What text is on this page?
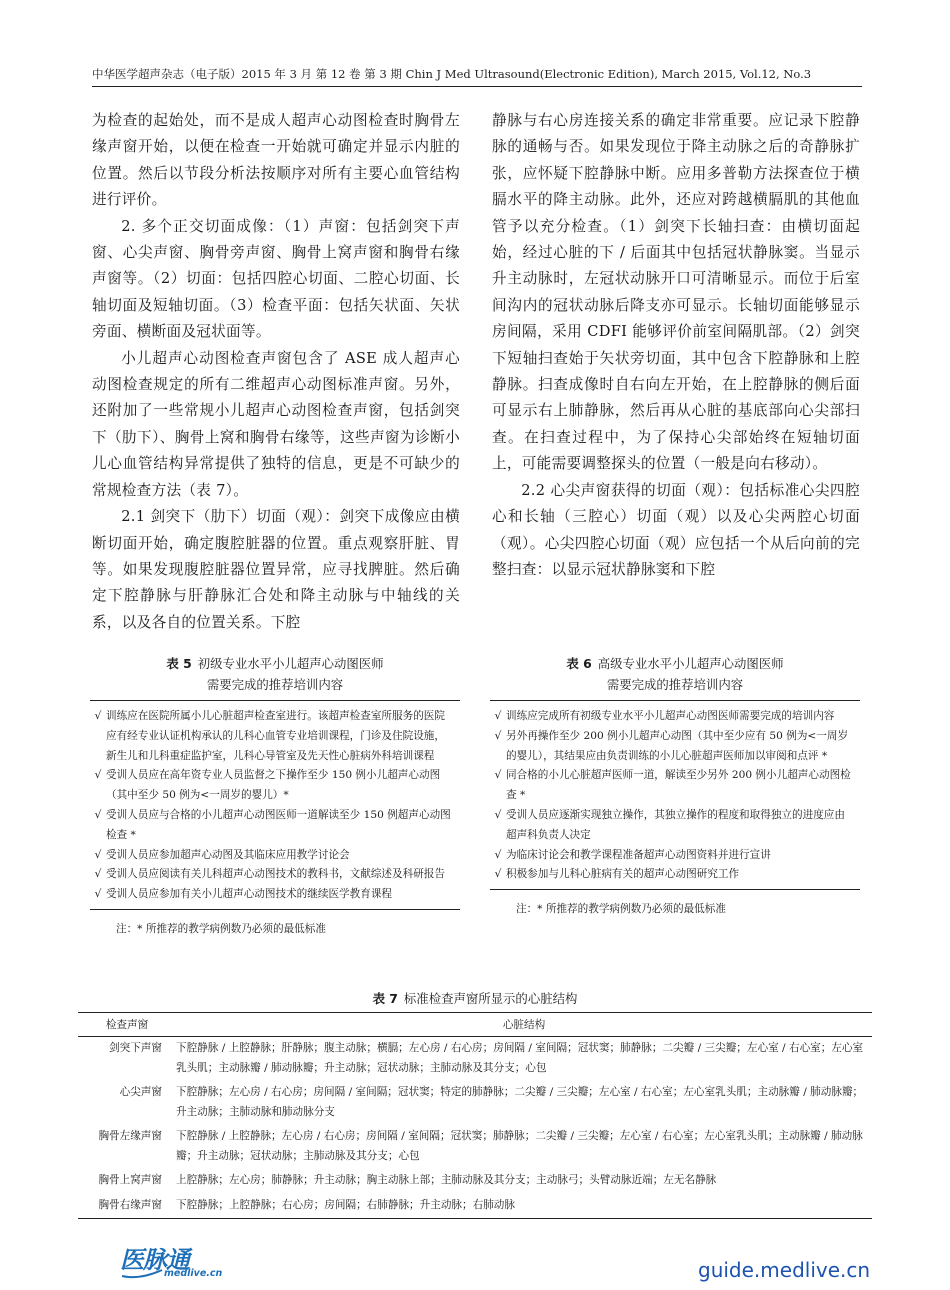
中华医学超声杂志（电子版）2015 年 3 月 第 12 卷 第 3 期 Chin J Med Ultrasound(Electronic Edition), March 2015, Vol.12, No.3

为检查的起始处，而不是成人超声心动图检查时胸骨左缘声窗开始，以便在检查一开始就可确定并显示内脏的位置。然后以节段分析法按顺序对所有主要心血管结构进行评价。

2. 多个正交切面成像：（1）声窗：包括剑突下声窗、心尖声窗、胸骨旁声窗、胸骨上窝声窗和胸骨右缘声窗等。（2）切面：包括四腔心切面、二腔心切面、长轴切面及短轴切面。（3）检查平面：包括矢状面、矢状旁面、横断面及冠状面等。

小儿超声心动图检查声窗包含了 ASE 成人超声心动图检查规定的所有二维超声心动图标准声窗。另外，还附加了一些常规小儿超声心动图检查声窗，包括剑突下（肋下）、胸骨上窝和胸骨右缘等，这些声窗为诊断小儿心血管结构异常提供了独特的信息，更是不可缺少的常规检查方法（表 7）。

2.1 剑突下（肋下）切面（观）：剑突下成像应由横断切面开始，确定腹腔脏器的位置。重点观察肝脏、胃等。如果发现腹腔脏器位置异常，应寻找脾脏。然后确定下腔静脉与肝静脉汇合处和降主动脉与中轴线的关系，以及各自的位置关系。下腔

静脉与右心房连接关系的确定非常重要。应记录下腔静脉的通畅与否。如果发现位于降主动脉之后的奇静脉扩张，应怀疑下腔静脉中断。应用多普勒方法探查位于横膈水平的降主动脉。此外，还应对跨越横膈肌的其他血管予以充分检查。（1）剑突下长轴扫查：由横切面起始，经过心脏的下 / 后面其中包括冠状静脉窦。当显示升主动脉时，左冠状动脉开口可清晰显示。而位于后室间沟内的冠状动脉后降支亦可显示。长轴切面能够显示房间隔，采用 CDFI 能够评价前室间隔肌部。（2）剑突下短轴扫查始于矢状旁切面，其中包含下腔静脉和上腔静脉。扫查成像时自右向左开始，在上腔静脉的侧后面可显示右上肺静脉，然后再从心脏的基底部向心尖部扫查。在扫查过程中，为了保持心尖部始终在短轴切面上，可能需要调整探头的位置（一般是向右移动）。

2.2 心尖声窗获得的切面（观）：包括标准心尖四腔心和长轴（三腔心）切面（观）以及心尖两腔心切面（观）。心尖四腔心切面（观）应包括一个从后向前的完整扫查：以显示冠状静脉窦和下腔

表 5 初级专业水平小儿超声心动图医师
需要完成的推荐培训内容
√ 训练应在医院所属小儿心脏超声检查室进行。该超声检查室所服务的医院应有经专业认证机构承认的儿科心血管专业培训课程，门诊及住院设施，新生儿和儿科重症监护室，儿科心导管室及先天性心脏病外科培训课程
√ 受训人员应在高年资专业人员监督之下操作至少 150 例小儿超声心动图（其中至少 50 例为<一周岁的婴儿）*
√ 受训人员应与合格的小儿超声心动图医师一道解读至少 150 例超声心动图检查 *
√ 受训人员应参加超声心动图及其临床应用教学讨论会
√ 受训人员应阅读有关儿科超声心动图技术的教科书，文献综述及科研报告
√ 受训人员应参加有关小儿超声心动图技术的继续医学教育课程
注：* 所推荐的教学病例数乃必须的最低标准
表 6 高级专业水平小儿超声心动图医师
需要完成的推荐培训内容
√ 训练应完成所有初级专业水平小儿超声心动图医师需要完成的培训内容
√ 另外再操作至少 200 例小儿超声心动图（其中至少应有 50 例为<一周岁的婴儿），其结果应由负责训练的小儿心脏超声医师加以审阅和点评 *
√ 同合格的小儿心脏超声医师一道，解读至少另外 200 例小儿超声心动图检查 *
√ 受训人员应逐渐实现独立操作，其独立操作的程度和取得独立的进度应由超声科负责人决定
√ 为临床讨论会和教学课程准备超声心动图资料并进行宣讲
√ 积极参加与儿科心脏病有关的超声心动图研究工作
注：* 所推荐的教学病例数乃必须的最低标准
表 7 标准检查声窗所显示的心脏结构
检查声窗	心脏结构
剑突下声窗	下腔静脉 / 上腔静脉；肝静脉；腹主动脉；横膈；左心房 / 右心房；房间隔 / 室间隔；冠状窦；肺静脉；二尖瓣 / 三尖瓣；左心室 / 右心室；左心室乳头肌；主动脉瓣 / 肺动脉瓣；升主动脉；冠状动脉；主肺动脉及其分支；心包
心尖声窗	下腔静脉；左心房 / 右心房；房间隔 / 室间隔；冠状窦；特定的肺静脉；二尖瓣 / 三尖瓣；左心室 / 右心室；左心室乳头肌；主动脉瓣 / 肺动脉瓣；升主动脉；主肺动脉和肺动脉分支
胸骨左缘声窗	下腔静脉 / 上腔静脉；左心房 / 右心房；房间隔 / 室间隔；冠状窦；肺静脉；二尖瓣 / 三尖瓣；左心室 / 右心室；左心室乳头肌；主动脉瓣 / 肺动脉瓣；升主动脉；冠状动脉；主肺动脉及其分支；心包
胸骨上窝声窗	上腔静脉；左心房；肺静脉；升主动脉；胸主动脉上部；主肺动脉及其分支；主动脉弓；头臂动脉近端；左无名静脉
胸骨右缘声窗	下腔静脉；上腔静脉；右心房；房间隔；右肺静脉；升主动脉；右肺动脉
医脉通
medlive.cn	guide.medlive.cn
